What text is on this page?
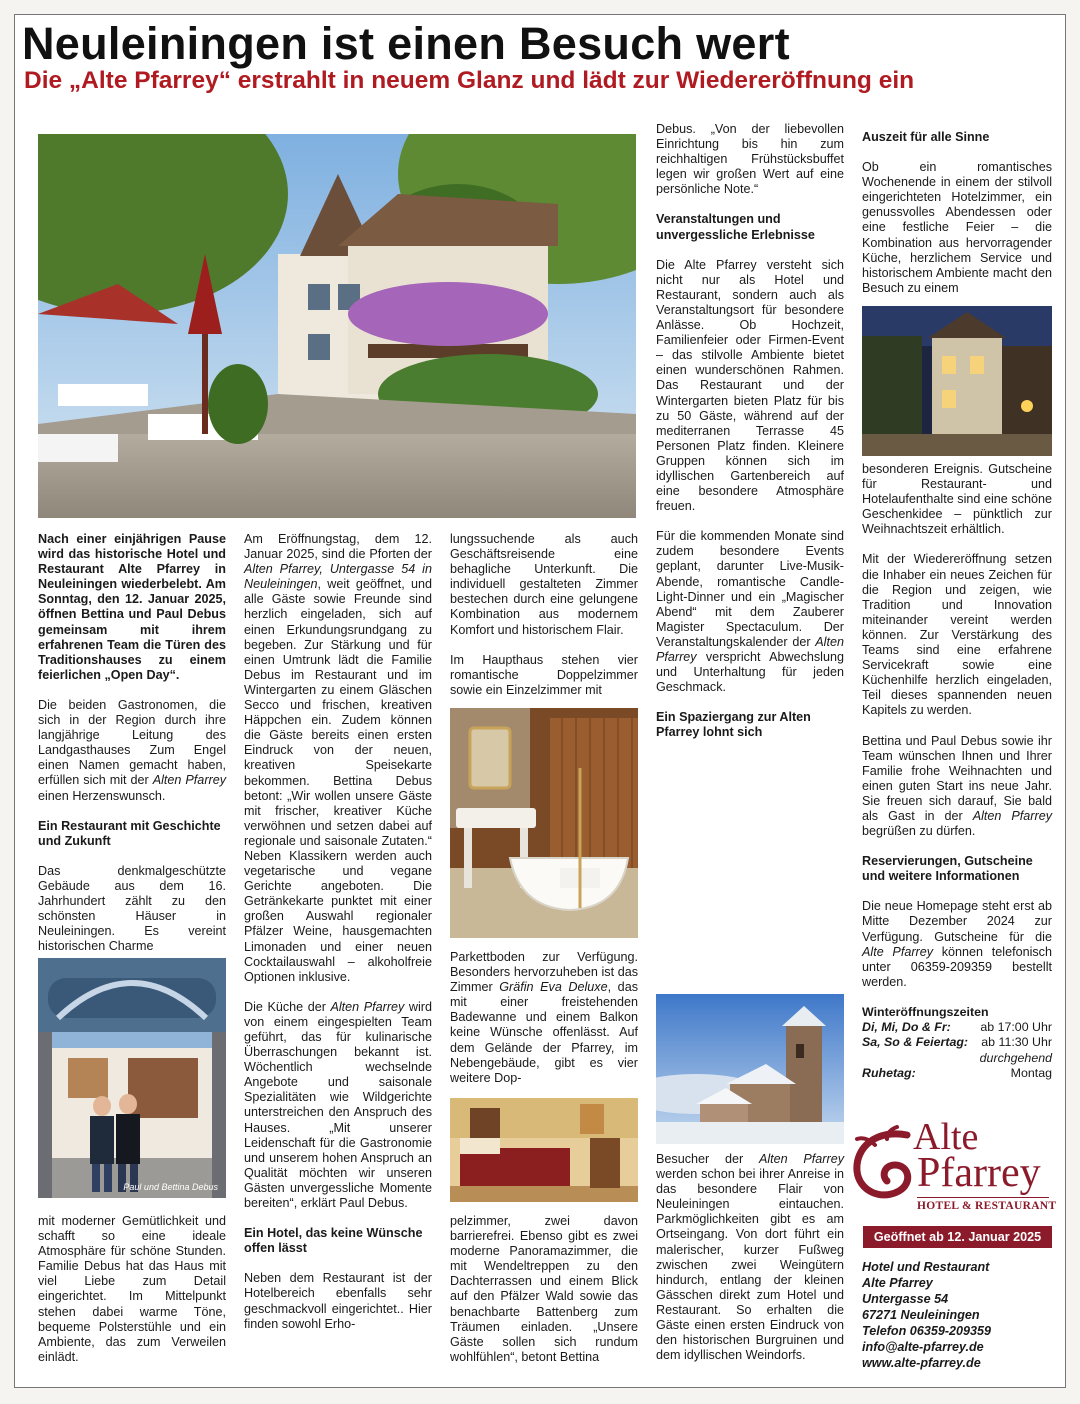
Neuleiningen ist einen Besuch wert
Die „Alte Pfarrey“ erstrahlt in neuem Glanz und lädt zur Wiedereröffnung ein

Nach einer einjährigen Pause wird das historische Hotel und Restaurant Alte Pfarrey in Neuleiningen wiederbelebt. Am Sonntag, den 12. Januar 2025, öffnen Bettina und Paul Debus gemeinsam mit ihrem erfahrenen Team die Türen des Traditionshauses zu einem feierlichen „Open Day“.

Die beiden Gastronomen, die sich in der Region durch ihre langjährige Leitung des Landgasthauses Zum Engel einen Namen gemacht haben, erfüllen sich mit der Alten Pfarrey einen Herzenswunsch.

Ein Restaurant mit Geschichte und Zukunft

Das denkmalgeschützte Gebäude aus dem 16. Jahrhundert zählt zu den schönsten Häuser in Neuleiningen. Es vereint historischen Charme

Paul und Bettina Debus

mit moderner Gemütlichkeit und schafft so eine ideale Atmosphäre für schöne Stunden. Familie Debus hat das Haus mit viel Liebe zum Detail eingerichtet. Im Mittelpunkt stehen dabei warme Töne, bequeme Polsterstühle und ein Ambiente, das zum Verweilen einlädt.

Am Eröffnungstag, dem 12. Januar 2025, sind die Pforten der Alten Pfarrey, Untergasse 54 in Neuleiningen, weit geöffnet, und alle Gäste sowie Freunde sind herzlich eingeladen, sich auf einen Erkundungsrundgang zu begeben. Zur Stärkung und für einen Umtrunk lädt die Familie Debus im Restaurant und im Wintergarten zu einem Gläschen Secco und frischen, kreativen Häppchen ein. Zudem können die Gäste bereits einen ersten Eindruck von der neuen, kreativen Speisekarte bekommen. Bettina Debus betont: „Wir wollen unsere Gäste mit frischer, kreativer Küche verwöhnen und setzen dabei auf regionale und saisonale Zutaten.“ Neben Klassikern werden auch vegetarische und vegane Gerichte angeboten. Die Getränkekarte punktet mit einer großen Auswahl regionaler Pfälzer Weine, hausgemachten Limonaden und einer neuen Cocktailauswahl – alkoholfreie Optionen inklusive.

Die Küche der Alten Pfarrey wird von einem eingespielten Team geführt, das für kulinarische Überraschungen bekannt ist. Wöchentlich wechselnde Angebote und saisonale Spezialitäten wie Wildgerichte unterstreichen den Anspruch des Hauses. „Mit unserer Leidenschaft für die Gastronomie und unserem hohen Anspruch an Qualität möchten wir unseren Gästen unvergessliche Momente bereiten“, erklärt Paul Debus.

Ein Hotel, das keine Wünsche offen lässt

Neben dem Restaurant ist der Hotelbereich ebenfalls sehr geschmackvoll eingerichtet.. Hier finden sowohl Erho-

lungssuchende als auch Geschäftsreisende eine behagliche Unterkunft. Die individuell gestalteten Zimmer bestechen durch eine gelungene Kombination aus modernem Komfort und historischem Flair.

Im Haupthaus stehen vier romantische Doppelzimmer sowie ein Einzelzimmer mit

Parkettboden zur Verfügung. Besonders hervorzuheben ist das Zimmer Gräfin Eva Deluxe, das mit einer freistehenden Badewanne und einem Balkon keine Wünsche offenlässt. Auf dem Gelände der Pfarrey, im Nebengebäude, gibt es vier weitere Dop-

pelzimmer, zwei davon barrierefrei. Ebenso gibt es zwei moderne Panoramazimmer, die mit Wendeltreppen zu den Dachterrassen und einem Blick auf den Pfälzer Wald sowie das benachbarte Battenberg zum Träumen einladen. „Unsere Gäste sollen sich rundum wohlfühlen“, betont Bettina

Debus. „Von der liebevollen Einrichtung bis hin zum reichhaltigen Frühstücksbuffet legen wir großen Wert auf eine persönliche Note.“

Veranstaltungen und unvergessliche Erlebnisse

Die Alte Pfarrey versteht sich nicht nur als Hotel und Restaurant, sondern auch als Veranstaltungsort für besondere Anlässe. Ob Hochzeit, Familienfeier oder Firmen-Event – das stilvolle Ambiente bietet einen wunderschönen Rahmen. Das Restaurant und der Wintergarten bieten Platz für bis zu 50 Gäste, während auf der mediterranen Terrasse 45 Personen Platz finden. Kleinere Gruppen können sich im idyllischen Gartenbereich auf eine besondere Atmosphäre freuen.

Für die kommenden Monate sind zudem besondere Events geplant, darunter Live-Musik-Abende, romantische Candle-Light-Dinner und ein „Magischer Abend“ mit dem Zauberer Magister Spectaculum. Der Veranstaltungskalender der Alten Pfarrey verspricht Abwechslung und Unterhaltung für jeden Geschmack.

Ein Spaziergang zur Alten Pfarrey lohnt sich

Besucher der Alten Pfarrey werden schon bei ihrer Anreise in das besondere Flair von Neuleiningen eintauchen. Parkmöglichkeiten gibt es am Ortseingang. Von dort führt ein malerischer, kurzer Fußweg zwischen zwei Weingütern hindurch, entlang der kleinen Gässchen direkt zum Hotel und Restaurant. So erhalten die Gäste einen ersten Eindruck von den historischen Burgruinen und dem idyllischen Weindorfs.

Auszeit für alle Sinne

Ob ein romantisches Wochenende in einem der stilvoll eingerichteten Hotelzimmer, ein genussvolles Abendessen oder eine festliche Feier – die Kombination aus hervorragender Küche, herzlichem Service und historischem Ambiente macht den Besuch zu einem

besonderen Ereignis. Gutscheine für Restaurant- und Hotelaufenthalte sind eine schöne Geschenkidee – pünktlich zur Weihnachtszeit erhältlich.

Mit der Wiedereröffnung setzen die Inhaber ein neues Zeichen für die Region und zeigen, wie Tradition und Innovation miteinander vereint werden können. Zur Verstärkung des Teams sind eine erfahrene Servicekraft sowie eine Küchenhilfe herzlich eingeladen, Teil dieses spannenden neuen Kapitels zu werden.

Bettina und Paul Debus sowie ihr Team wünschen Ihnen und Ihrer Familie frohe Weihnachten und einen guten Start ins neue Jahr. Sie freuen sich darauf, Sie bald als Gast in der Alten Pfarrey begrüßen zu dürfen.

Reservierungen, Gutscheine und weitere Informationen

Die neue Homepage steht erst ab Mitte Dezember 2024 zur Verfügung. Gutscheine für die Alte Pfarrey können telefonisch unter 06359-209359 bestellt werden.

Winteröffnungszeiten
Di, Mi, Do & Fr: ab 17:00 Uhr
Sa, So & Feiertag: ab 11:30 Uhr
durchgehend
Ruhetag:	Montag
Alte
Pfarrey
HOTEL & RESTAURANT
Geöffnet ab 12. Januar 2025
Hotel und Restaurant
Alte Pfarrey
Untergasse 54
67271 Neuleiningen
Telefon 06359-209359
info@alte-pfarrey.de
www.alte-pfarrey.de
